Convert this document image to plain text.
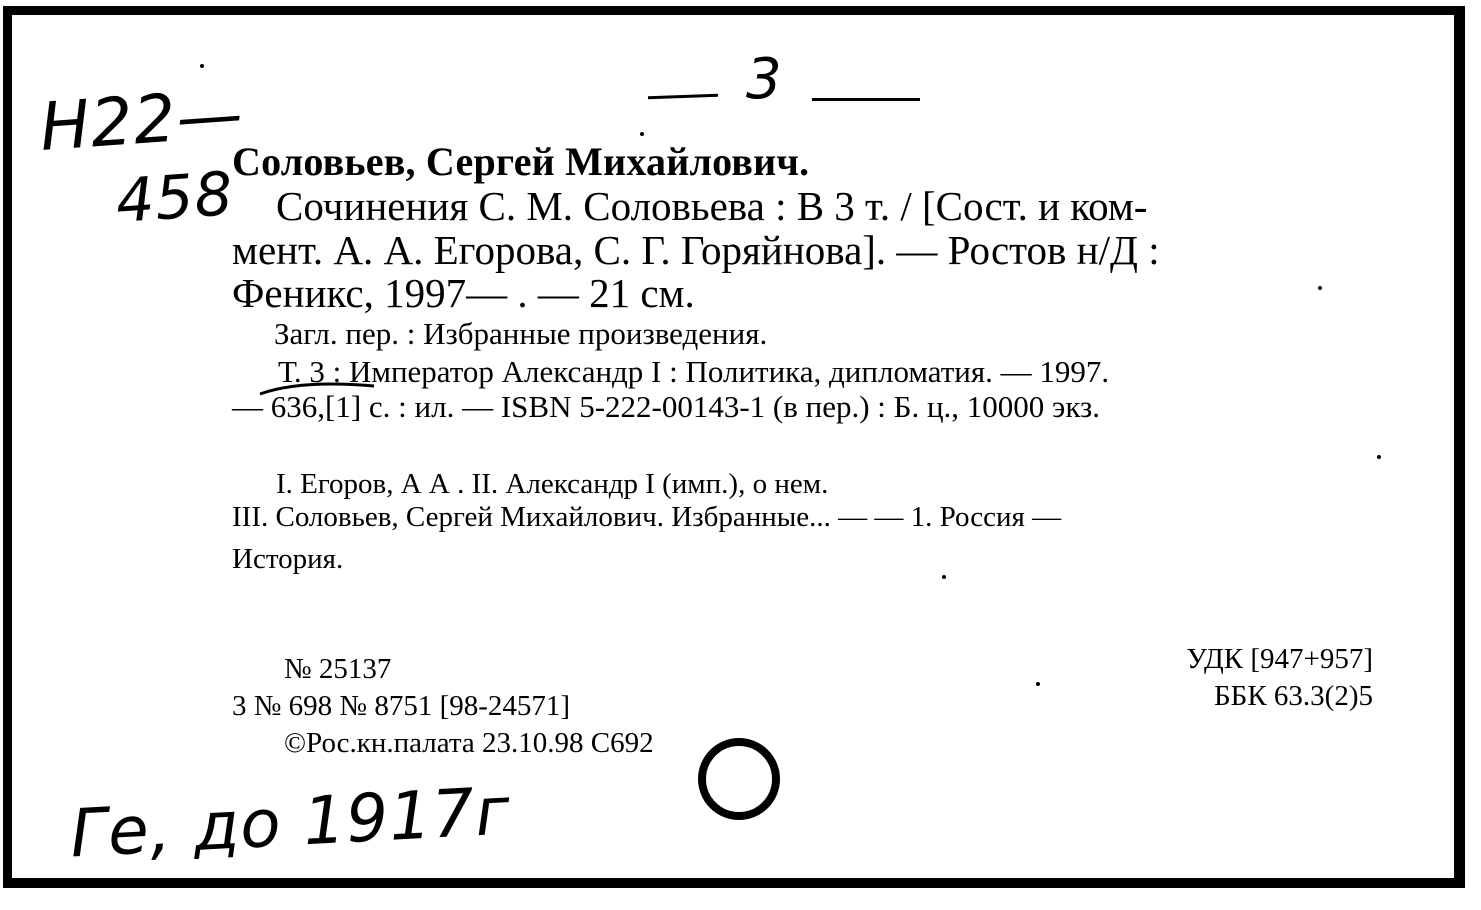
3
Н22—
458
Соловьев, Сергей Михайлович.
Сочинения С. М. Соловьева : В 3 т. / [Сост. и ком-
мент. А. А. Егорова, С. Г. Горяйнова]. — Ростов н/Д :
Феникс, 1997— . — 21 см.
Загл. пер. : Избранные произведения.
Т. 3 : Император Александр I : Политика, дипломатия. — 1997.
— 636,[1] с. : ил. — ISBN 5-222-00143-1 (в пер.) : Б. ц., 10000 экз.
I. Егоров, А А . II. Александр I (имп.), о нем.
III. Соловьев, Сергей Михайлович. Избранные... — — 1. Россия —
История.
№ 25137
3 № 698 № 8751 [98-24571]
©Рос.кн.палата 23.10.98 С692
УДК [947+957]
ББК 63.3(2)5
Ге, до 1917г
